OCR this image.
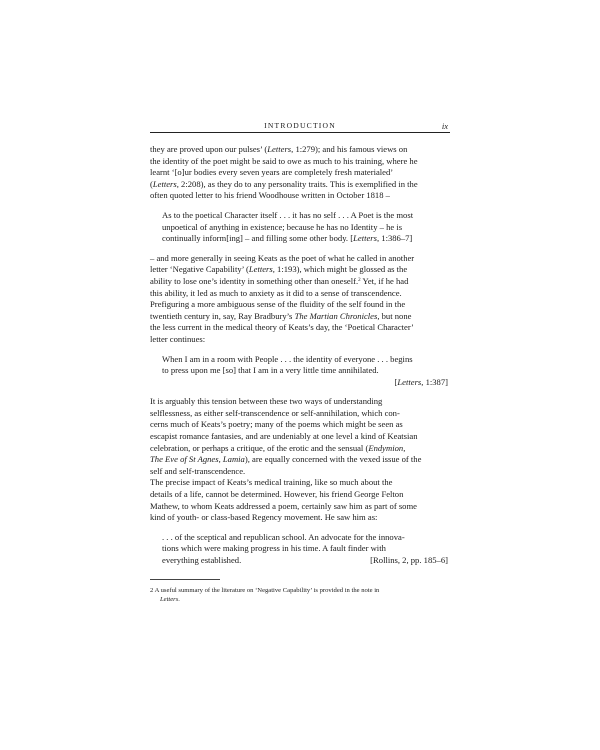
INTRODUCTION	ix
they are proved upon our pulses’ (Letters, 1:279); and his famous views on
the identity of the poet might be said to owe as much to his training, where he
learnt ‘[o]ur bodies every seven years are completely fresh materialed’
(Letters, 2:208), as they do to any personality traits. This is exemplified in the
often quoted letter to his friend Woodhouse written in October 1818 –
As to the poetical Character itself . . . it has no self . . . A Poet is the most
unpoetical of anything in existence; because he has no Identity – he is
continually inform[ing] – and filling some other body. [Letters, 1:386–7]
– and more generally in seeing Keats as the poet of what he called in another
letter ‘Negative Capability’ (Letters, 1:193), which might be glossed as the
ability to lose one’s identity in something other than oneself.$^2$ Yet, if he had
this ability, it led as much to anxiety as it did to a sense of transcendence.
Prefiguring a more ambiguous sense of the fluidity of the self found in the
twentieth century in, say, Ray Bradbury’s The Martian Chronicles, but none
the less current in the medical theory of Keats’s day, the ‘Poetical Character’
letter continues:
When I am in a room with People . . . the identity of everyone . . . begins
to press upon me [so] that I am in a very little time annihilated.
[Letters, 1:387]
It is arguably this tension between these two ways of understanding
selflessness, as either self-transcendence or self-annihilation, which con-
cerns much of Keats’s poetry; many of the poems which might be seen as
escapist romance fantasies, and are undeniably at one level a kind of Keatsian
celebration, or perhaps a critique, of the erotic and the sensual (Endymion,
The Eve of St Agnes, Lamia), are equally concerned with the vexed issue of the
self and self-transcendence.
The precise impact of Keats’s medical training, like so much about the
details of a life, cannot be determined. However, his friend George Felton
Mathew, to whom Keats addressed a poem, certainly saw him as part of some
kind of youth- or class-based Regency movement. He saw him as:
. . . of the sceptical and republican school. An advocate for the innova-
tions which were making progress in his time. A fault finder with
everything established.	[Rollins, 2, pp. 185–6]
2 A useful summary of the literature on ‘Negative Capability’ is provided in the note in
Letters.
